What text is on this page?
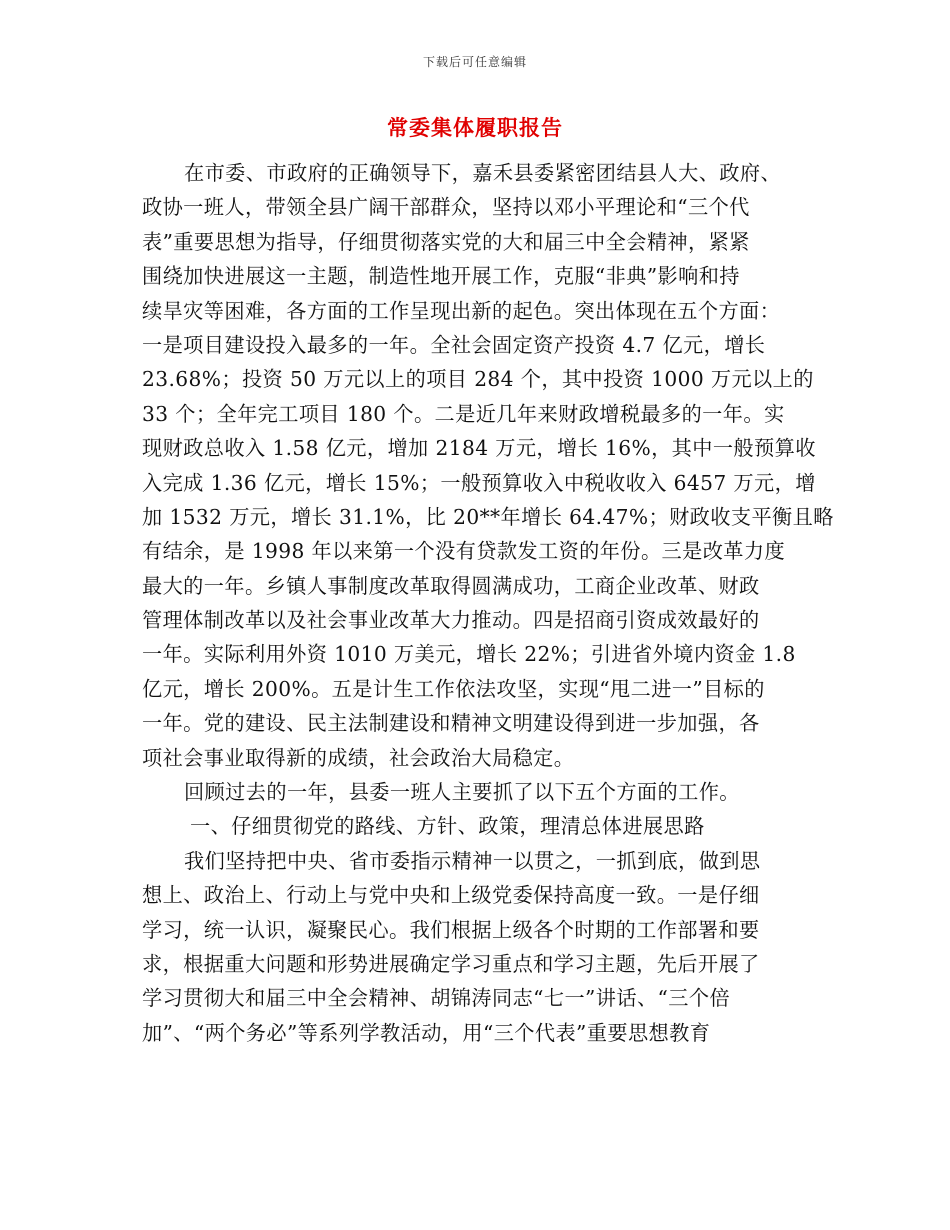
下载后可任意编辑
常委集体履职报告
在市委、市政府的正确领导下，嘉禾县委紧密团结县人大、政府、
政协一班人，带领全县广阔干部群众，坚持以邓小平理论和“三个代
表”重要思想为指导，仔细贯彻落实党的大和届三中全会精神，紧紧
围绕加快进展这一主题，制造性地开展工作，克服“非典”影响和持
续旱灾等困难，各方面的工作呈现出新的起色。突出体现在五个方面：
一是项目建设投入最多的一年。全社会固定资产投资 4.7 亿元，增长
23.68%；投资 50 万元以上的项目 284 个，其中投资 1000 万元以上的
33 个；全年完工项目 180 个。二是近几年来财政增税最多的一年。实
现财政总收入 1.58 亿元，增加 2184 万元，增长 16%，其中一般预算收
入完成 1.36 亿元，增长 15%；一般预算收入中税收收入 6457 万元，增
加 1532 万元，增长 31.1%，比 20**年增长 64.47%；财政收支平衡且略
有结余，是 1998 年以来第一个没有贷款发工资的年份。三是改革力度
最大的一年。乡镇人事制度改革取得圆满成功，工商企业改革、财政
管理体制改革以及社会事业改革大力推动。四是招商引资成效最好的
一年。实际利用外资 1010 万美元，增长 22%；引进省外境内资金 1.8
亿元，增长 200%。五是计生工作依法攻坚，实现“甩二进一”目标的
一年。党的建设、民主法制建设和精神文明建设得到进一步加强，各
项社会事业取得新的成绩，社会政治大局稳定。
回顾过去的一年，县委一班人主要抓了以下五个方面的工作。
一、仔细贯彻党的路线、方针、政策，理清总体进展思路
我们坚持把中央、省市委指示精神一以贯之，一抓到底，做到思
想上、政治上、行动上与党中央和上级党委保持高度一致。一是仔细
学习，统一认识，凝聚民心。我们根据上级各个时期的工作部署和要
求，根据重大问题和形势进展确定学习重点和学习主题，先后开展了
学习贯彻大和届三中全会精神、胡锦涛同志“七一”讲话、“三个倍
加”、“两个务必”等系列学教活动，用“三个代表”重要思想教育
